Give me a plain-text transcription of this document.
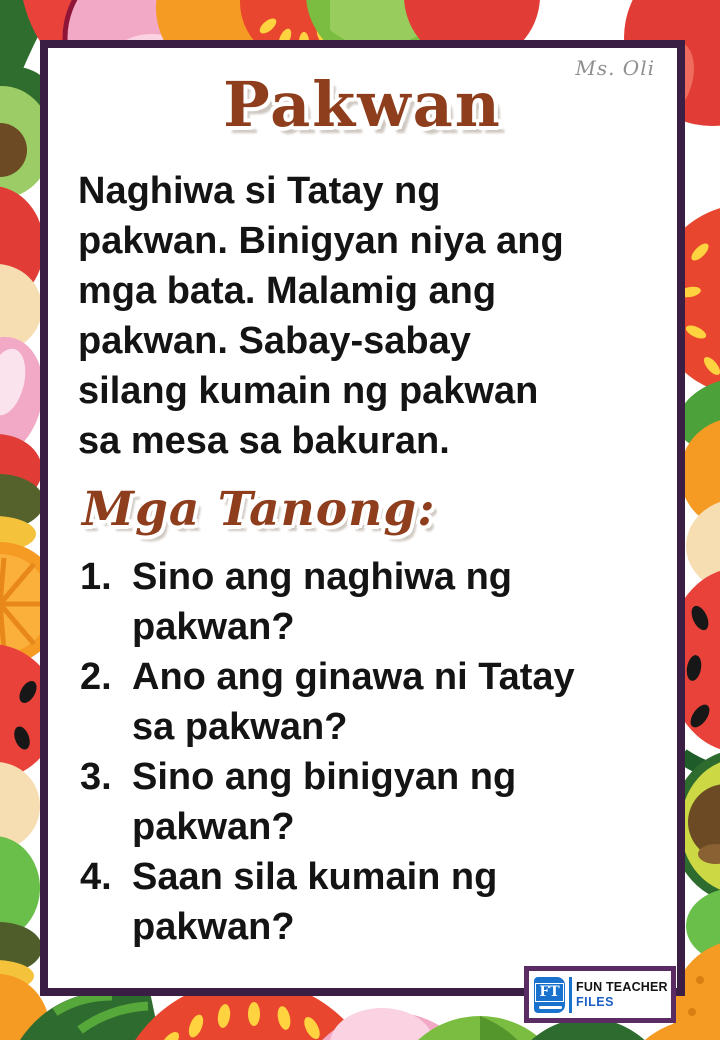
Ms. Oli
Pakwan
Naghiwa si Tatay ng
pakwan. Binigyan niya ang
mga bata. Malamig ang
pakwan. Sabay-sabay
silang kumain ng pakwan
sa mesa sa bakuran.
Mga Tanong:
1. Sino ang naghiwa ng
pakwan?
2. Ano ang ginawa ni Tatay
sa pakwan?
3. Sino ang binigyan ng
pakwan?
4. Saan sila kumain ng
pakwan?
FT	FUN TEACHER
FILES
